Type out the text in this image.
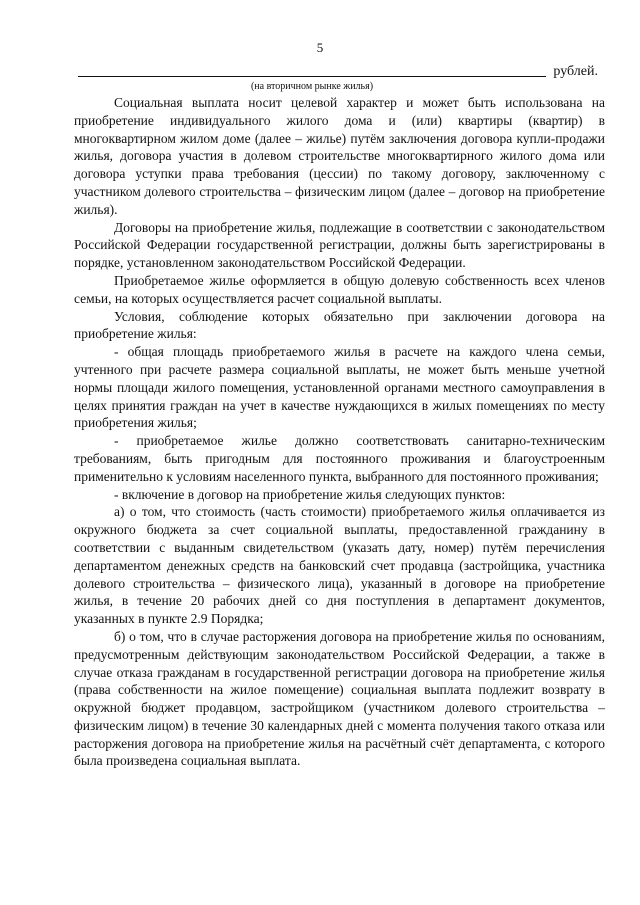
5
рублей.
(на вторичном рынке жилья)

Социальная выплата носит целевой характер и может быть использована на приобретение индивидуального жилого дома и (или) квартиры (квартир) в многоквартирном жилом доме (далее – жилье) путём заключения договора купли-продажи жилья, договора участия в долевом строительстве многоквартирного жилого дома или договора уступки права требования (цессии) по такому договору, заключенному с участником долевого строительства – физическим лицом (далее – договор на приобретение жилья).

Договоры на приобретение жилья, подлежащие в соответствии с законодательством Российской Федерации государственной регистрации, должны быть зарегистрированы в порядке, установленном законодательством Российской Федерации.

Приобретаемое жилье оформляется в общую долевую собственность всех членов семьи, на которых осуществляется расчет социальной выплаты.

Условия, соблюдение которых обязательно при заключении договора на приобретение жилья:

- общая площадь приобретаемого жилья в расчете на каждого члена семьи, учтенного при расчете размера социальной выплаты, не может быть меньше учетной нормы площади жилого помещения, установленной органами местного самоуправления в целях принятия граждан на учет в качестве нуждающихся в жилых помещениях по месту приобретения жилья;

- приобретаемое жилье должно соответствовать санитарно-техническим требованиям, быть пригодным для постоянного проживания и благоустроенным применительно к условиям населенного пункта, выбранного для постоянного проживания;

- включение в договор на приобретение жилья следующих пунктов:

а) о том, что стоимость (часть стоимости) приобретаемого жилья оплачивается из окружного бюджета за счет социальной выплаты, предоставленной гражданину в соответствии с выданным свидетельством (указать дату, номер) путём перечисления департаментом денежных средств на банковский счет продавца (застройщика, участника долевого строительства – физического лица), указанный в договоре на приобретение жилья, в течение 20 рабочих дней со дня поступления в департамент документов, указанных в пункте 2.9 Порядка;

б) о том, что в случае расторжения договора на приобретение жилья по основаниям, предусмотренным действующим законодательством Российской Федерации, а также в случае отказа гражданам в государственной регистрации договора на приобретение жилья (права собственности на жилое помещение) социальная выплата подлежит возврату в окружной бюджет продавцом, застройщиком (участником долевого строительства – физическим лицом) в течение 30 календарных дней с момента получения такого отказа или расторжения договора на приобретение жилья на расчётный счёт департамента, с которого была произведена социальная выплата.
